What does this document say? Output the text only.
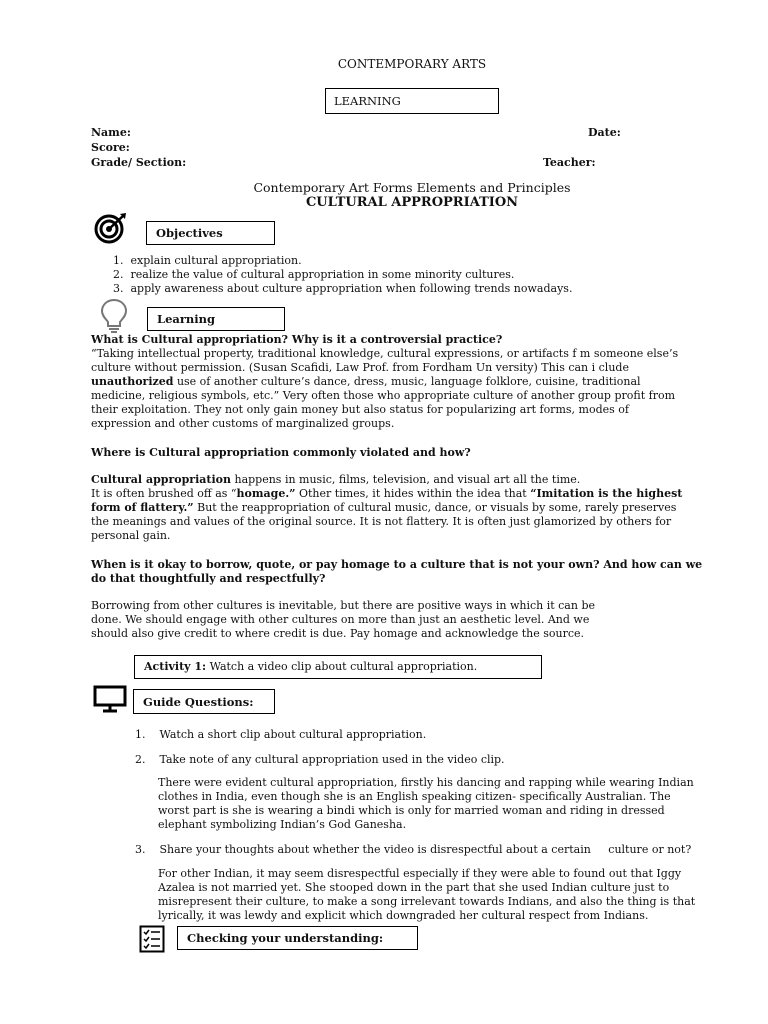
CONTEMPORARY ARTS
LEARNING
Name:	Date:
Score:
Grade/ Section:	Teacher:
Contemporary Art Forms Elements and Principles
CULTURAL APPROPRIATION
Objectives
1. explain cultural appropriation.
2. realize the value of cultural appropriation in some minority cultures.
3. apply awareness about culture appropriation when following trends nowadays.
Learning
What is Cultural appropriation? Why is it a controversial practice?
“Taking intellectual property, traditional knowledge, cultural expressions, or artifacts f m someone else’s
culture without permission. (Susan Scafidi, Law Prof. from Fordham Un versity) This can i clude
unauthorized use of another culture’s dance, dress, music, language folklore, cuisine, traditional
medicine, religious symbols, etc.” Very often those who appropriate culture of another group profit from
their exploitation. They not only gain money but also status for popularizing art forms, modes of
expression and other customs of marginalized groups.
Where is Cultural appropriation commonly violated and how?
Cultural appropriation happens in music, films, television, and visual art all the time.
It is often brushed off as “homage.” Other times, it hides within the idea that “Imitation is the highest
form of flattery.” But the reappropriation of cultural music, dance, or visuals by some, rarely preserves
the meanings and values of the original source. It is not flattery. It is often just glamorized by others for
personal gain.
When is it okay to borrow, quote, or pay homage to a culture that is not your own? And how can we
do that thoughtfully and respectfully?
Borrowing from other cultures is inevitable, but there are positive ways in which it can be
done. We should engage with other cultures on more than just an aesthetic level. And we
should also give credit to where credit is due. Pay homage and acknowledge the source.
Activity 1: Watch a video clip about cultural appropriation.
Guide Questions:
1. Watch a short clip about cultural appropriation.
2. Take note of any cultural appropriation used in the video clip.
There were evident cultural appropriation, firstly his dancing and rapping while wearing Indian
clothes in India, even though she is an English speaking citizen- specifically Australian. The
worst part is she is wearing a bindi which is only for married woman and riding in dressed
elephant symbolizing Indian’s God Ganesha.
3. Share your thoughts about whether the video is disrespectful about a certain     culture or not?
For other Indian, it may seem disrespectful especially if they were able to found out that Iggy
Azalea is not married yet. She stooped down in the part that she used Indian culture just to
misrepresent their culture, to make a song irrelevant towards Indians, and also the thing is that
lyrically, it was lewdy and explicit which downgraded her cultural respect from Indians.
Checking your understanding:
